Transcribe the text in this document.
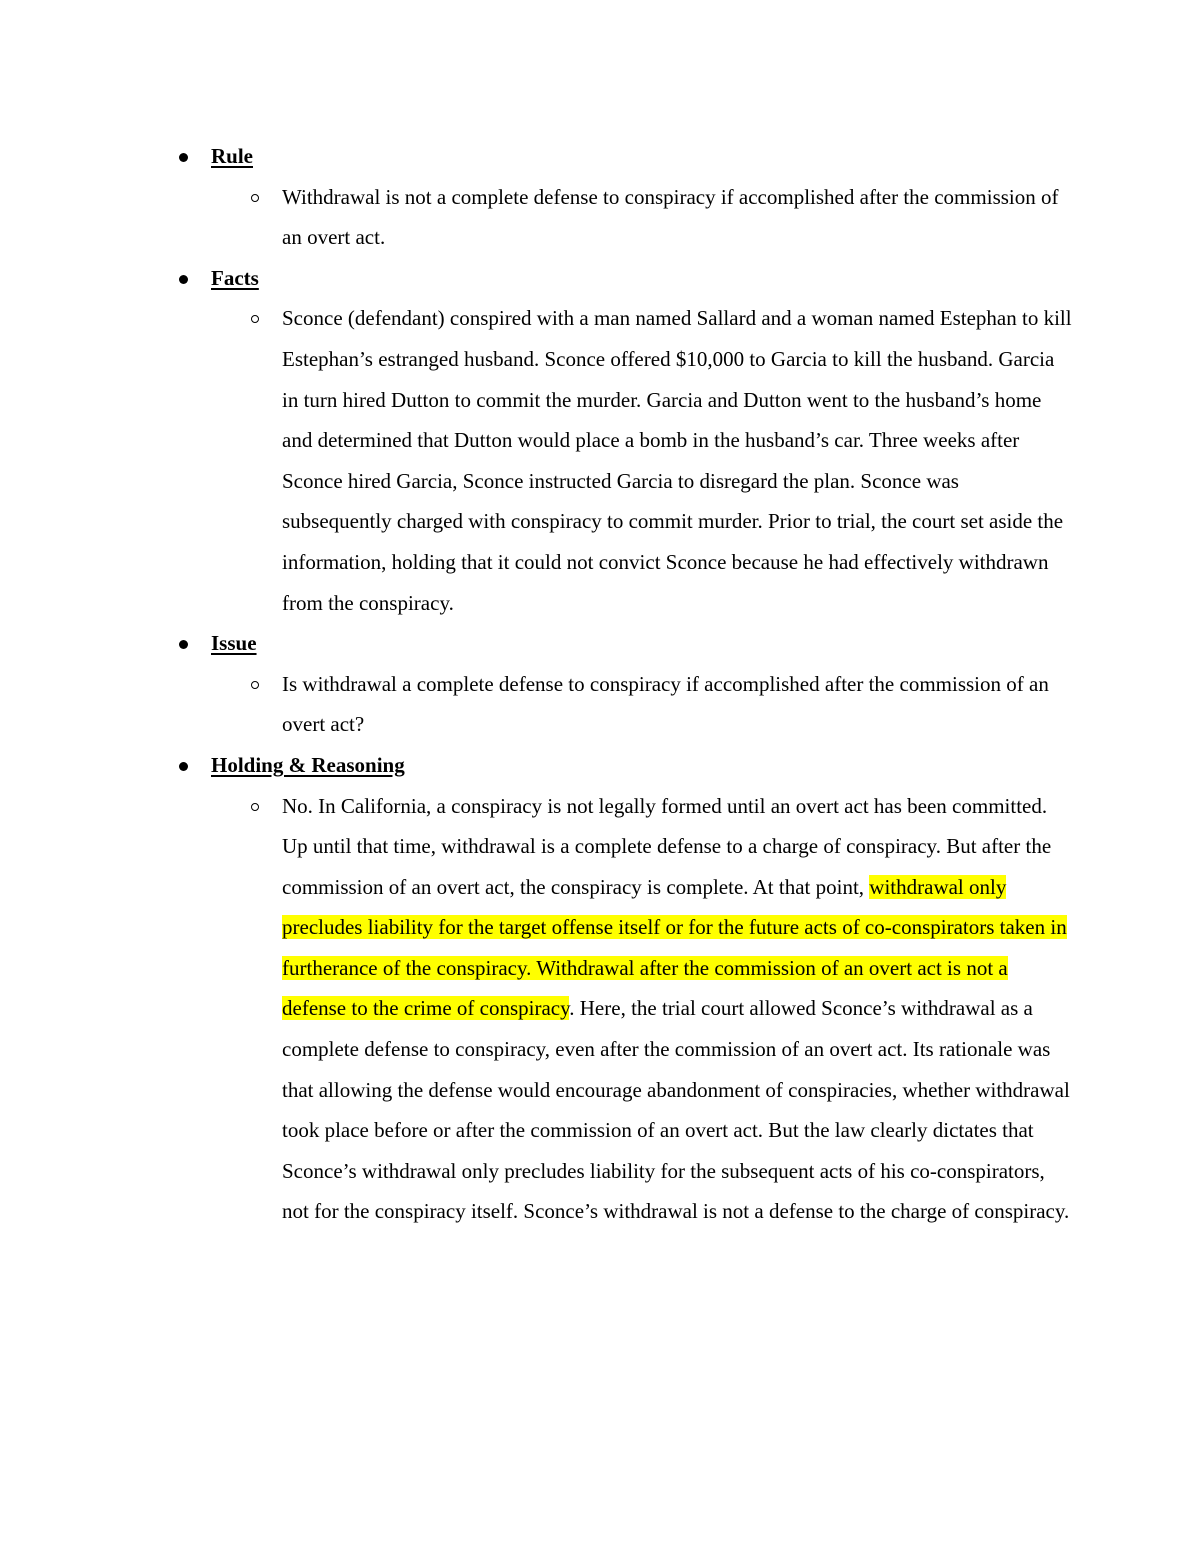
Rule
Withdrawal is not a complete defense to conspiracy if accomplished after the commission of an overt act.
Facts
Sconce (defendant) conspired with a man named Sallard and a woman named Estephan to kill Estephan’s estranged husband. Sconce offered $10,000 to Garcia to kill the husband. Garcia in turn hired Dutton to commit the murder. Garcia and Dutton went to the husband’s home and determined that Dutton would place a bomb in the husband’s car. Three weeks after Sconce hired Garcia, Sconce instructed Garcia to disregard the plan. Sconce was subsequently charged with conspiracy to commit murder. Prior to trial, the court set aside the information, holding that it could not convict Sconce because he had effectively withdrawn from the conspiracy.
Issue
Is withdrawal a complete defense to conspiracy if accomplished after the commission of an overt act?
Holding & Reasoning
No. In California, a conspiracy is not legally formed until an overt act has been committed. Up until that time, withdrawal is a complete defense to a charge of conspiracy. But after the commission of an overt act, the conspiracy is complete. At that point, withdrawal only precludes liability for the target offense itself or for the future acts of co-conspirators taken in furtherance of the conspiracy. Withdrawal after the commission of an overt act is not a defense to the crime of conspiracy. Here, the trial court allowed Sconce’s withdrawal as a complete defense to conspiracy, even after the commission of an overt act. Its rationale was that allowing the defense would encourage abandonment of conspiracies, whether withdrawal took place before or after the commission of an overt act. But the law clearly dictates that Sconce’s withdrawal only precludes liability for the subsequent acts of his co-conspirators, not for the conspiracy itself. Sconce’s withdrawal is not a defense to the charge of conspiracy.
